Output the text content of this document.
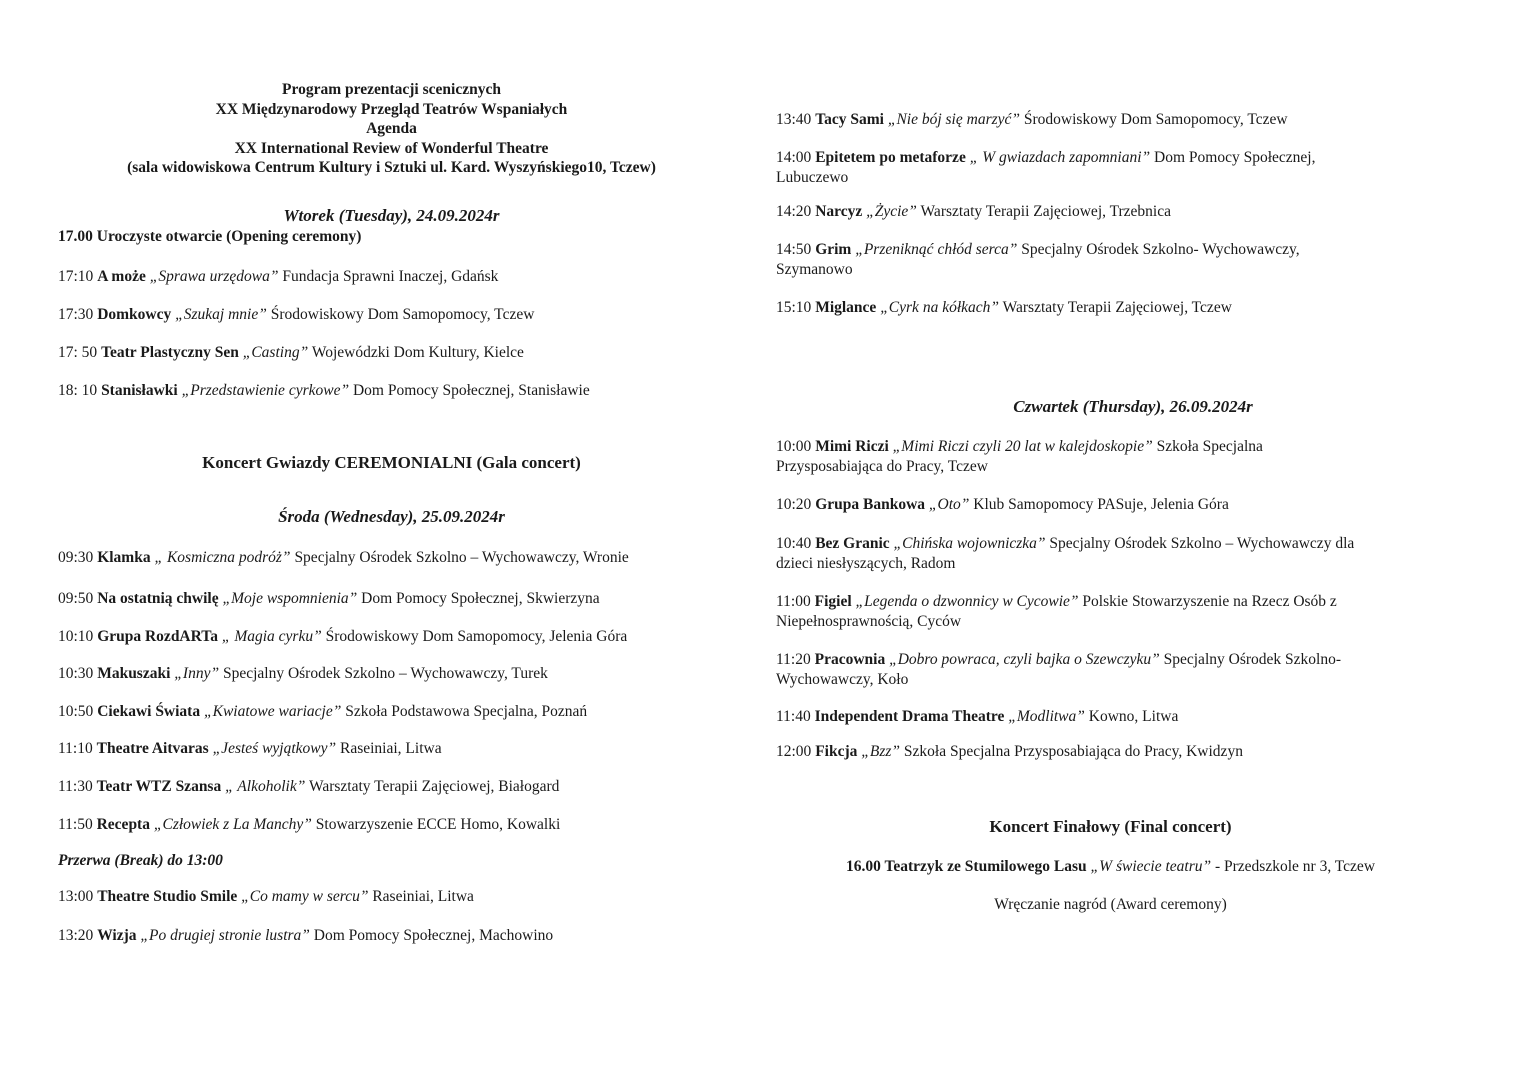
Program prezentacji scenicznych
XX Międzynarodowy Przegląd Teatrów Wspaniałych
Agenda
XX International Review of Wonderful Theatre
(sala widowiskowa Centrum Kultury i Sztuki ul. Kard. Wyszyńskiego10, Tczew)
Wtorek (Tuesday), 24.09.2024r
17.00 Uroczyste otwarcie (Opening ceremony)
17:10 A może „Sprawa urzędowa” Fundacja Sprawni Inaczej, Gdańsk
17:30 Domkowcy „Szukaj mnie” Środowiskowy Dom Samopomocy, Tczew
17: 50 Teatr Plastyczny Sen „Casting” Wojewódzki Dom Kultury, Kielce
18: 10 Stanisławki „Przedstawienie cyrkowe” Dom Pomocy Społecznej, Stanisławie
Koncert Gwiazdy CEREMONIALNI (Gala concert)
Środa (Wednesday), 25.09.2024r
09:30 Klamka „ Kosmiczna podróż” Specjalny Ośrodek Szkolno – Wychowawczy, Wronie
09:50 Na ostatnią chwilę „Moje wspomnienia” Dom Pomocy Społecznej, Skwierzyna
10:10 Grupa RozdARTa „ Magia cyrku” Środowiskowy Dom Samopomocy, Jelenia Góra
10:30 Makuszaki „Inny” Specjalny Ośrodek Szkolno – Wychowawczy, Turek
10:50 Ciekawi Świata „Kwiatowe wariacje” Szkoła Podstawowa Specjalna, Poznań
11:10 Theatre Aitvaras „Jesteś wyjątkowy” Raseiniai, Litwa
11:30 Teatr WTZ Szansa „ Alkoholik” Warsztaty Terapii Zajęciowej, Białogard
11:50 Recepta „Człowiek z La Manchy” Stowarzyszenie ECCE Homo, Kowalki
Przerwa (Break) do 13:00
13:00 Theatre Studio Smile „Co mamy w sercu” Raseiniai, Litwa
13:20 Wizja „Po drugiej stronie lustra” Dom Pomocy Społecznej, Machowino
13:40 Tacy Sami „Nie bój się marzyć” Środowiskowy Dom Samopomocy, Tczew
14:00 Epitetem po metaforze „ W gwiazdach zapomniani” Dom Pomocy Społecznej,
Lubuczewo
14:20 Narcyz „Życie” Warsztaty Terapii Zajęciowej, Trzebnica
14:50 Grim „Przeniknąć chłód serca” Specjalny Ośrodek Szkolno- Wychowawczy,
Szymanowo
15:10 Miglance „Cyrk na kółkach” Warsztaty Terapii Zajęciowej, Tczew
Czwartek (Thursday), 26.09.2024r
10:00 Mimi Riczi „Mimi Riczi czyli 20 lat w kalejdoskopie” Szkoła Specjalna
Przysposabiająca do Pracy, Tczew
10:20 Grupa Bankowa „Oto” Klub Samopomocy PASuje, Jelenia Góra
10:40 Bez Granic „Chińska wojowniczka” Specjalny Ośrodek Szkolno – Wychowawczy dla
dzieci niesłyszących, Radom
11:00 Figiel „Legenda o dzwonnicy w Cycowie” Polskie Stowarzyszenie na Rzecz Osób z
Niepełnosprawnością, Cyców
11:20 Pracownia „Dobro powraca, czyli bajka o Szewczyku” Specjalny Ośrodek Szkolno-
Wychowawczy, Koło
11:40 Independent Drama Theatre „Modlitwa” Kowno, Litwa
12:00 Fikcja „Bzz” Szkoła Specjalna Przysposabiająca do Pracy, Kwidzyn
Koncert Finałowy (Final concert)
16.00 Teatrzyk ze Stumilowego Lasu „W świecie teatru” - Przedszkole nr 3, Tczew
Wręczanie nagród (Award ceremony)
